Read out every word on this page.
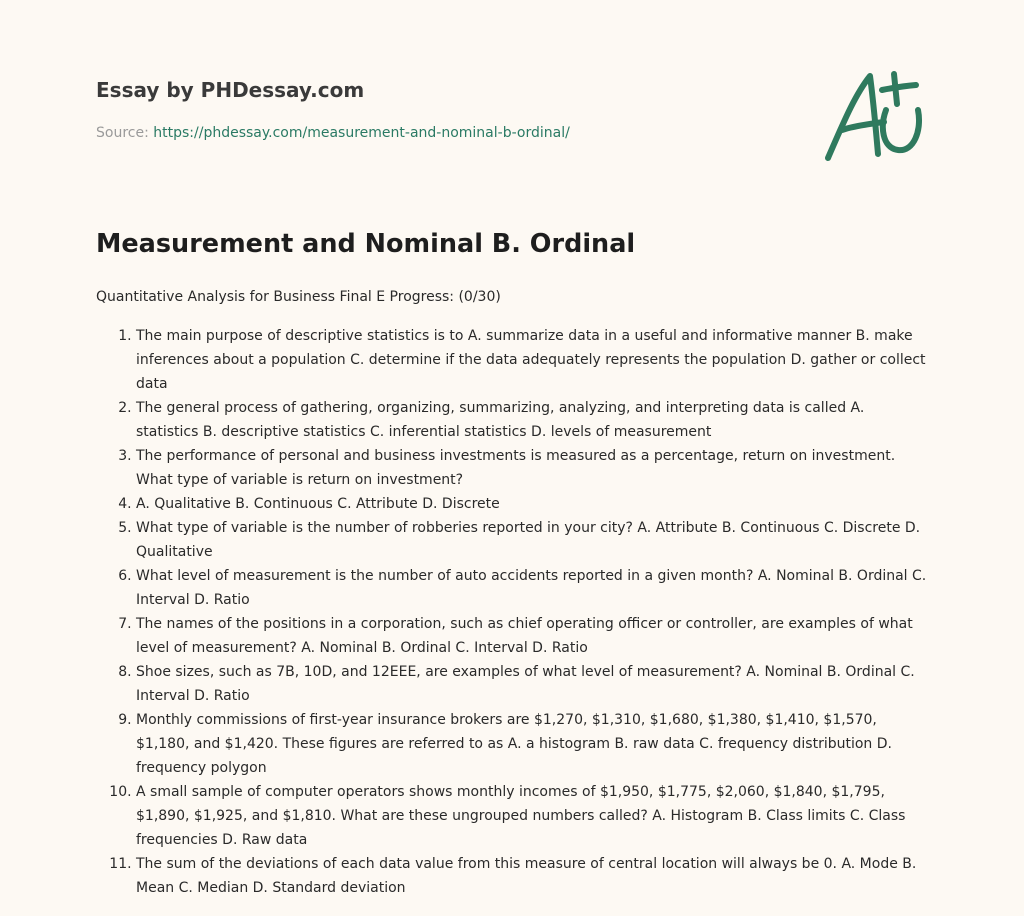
Essay by PHDessay.com

Source: https://phdessay.com/measurement-and-nominal-b-ordinal/
Measurement and Nominal B. Ordinal

Quantitative Analysis for Business Final E Progress: (0/30)

1. The main purpose of descriptive statistics is to A. summarize data in a useful and informative manner B. make inferences about a population C. determine if the data adequately represents the population D. gather or collect data
2. The general process of gathering, organizing, summarizing, analyzing, and interpreting data is called A. statistics B. descriptive statistics C. inferential statistics D. levels of measurement
3. The performance of personal and business investments is measured as a percentage, return on investment. What type of variable is return on investment?
4. A. Qualitative B. Continuous C. Attribute D. Discrete
5. What type of variable is the number of robberies reported in your city? A. Attribute B. Continuous C. Discrete D. Qualitative
6. What level of measurement is the number of auto accidents reported in a given month? A. Nominal B. Ordinal C. Interval D. Ratio
7. The names of the positions in a corporation, such as chief operating officer or controller, are examples of what level of measurement? A. Nominal B. Ordinal C. Interval D. Ratio
8. Shoe sizes, such as 7B, 10D, and 12EEE, are examples of what level of measurement? A. Nominal B. Ordinal C. Interval D. Ratio
9. Monthly commissions of first-year insurance brokers are $1,270, $1,310, $1,680, $1,380, $1,410, $1,570, $1,180, and $1,420. These figures are referred to as A. a histogram B. raw data C. frequency distribution D. frequency polygon
10. A small sample of computer operators shows monthly incomes of $1,950, $1,775, $2,060, $1,840, $1,795, $1,890, $1,925, and $1,810. What are these ungrouped numbers called? A. Histogram B. Class limits C. Class frequencies D. Raw data
11. The sum of the deviations of each data value from this measure of central location will always be 0. A. Mode B. Mean C. Median D. Standard deviation
